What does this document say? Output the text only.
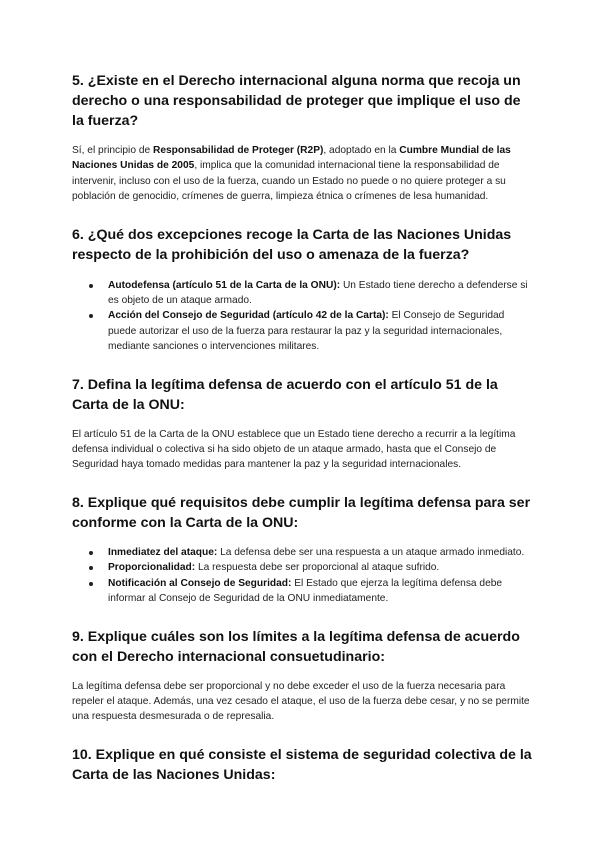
5. ¿Existe en el Derecho internacional alguna norma que recoja un derecho o una responsabilidad de proteger que implique el uso de la fuerza?

Sí, el principio de Responsabilidad de Proteger (R2P), adoptado en la Cumbre Mundial de las Naciones Unidas de 2005, implica que la comunidad internacional tiene la responsabilidad de intervenir, incluso con el uso de la fuerza, cuando un Estado no puede o no quiere proteger a su población de genocidio, crímenes de guerra, limpieza étnica o crímenes de lesa humanidad.

6. ¿Qué dos excepciones recoge la Carta de las Naciones Unidas respecto de la prohibición del uso o amenaza de la fuerza?
Autodefensa (artículo 51 de la Carta de la ONU): Un Estado tiene derecho a defenderse si es objeto de un ataque armado.
Acción del Consejo de Seguridad (artículo 42 de la Carta): El Consejo de Seguridad puede autorizar el uso de la fuerza para restaurar la paz y la seguridad internacionales, mediante sanciones o intervenciones militares.
7. Defina la legítima defensa de acuerdo con el artículo 51 de la Carta de la ONU:

El artículo 51 de la Carta de la ONU establece que un Estado tiene derecho a recurrir a la legítima defensa individual o colectiva si ha sido objeto de un ataque armado, hasta que el Consejo de Seguridad haya tomado medidas para mantener la paz y la seguridad internacionales.

8. Explique qué requisitos debe cumplir la legítima defensa para ser conforme con la Carta de la ONU:
Inmediatez del ataque: La defensa debe ser una respuesta a un ataque armado inmediato.
Proporcionalidad: La respuesta debe ser proporcional al ataque sufrido.
Notificación al Consejo de Seguridad: El Estado que ejerza la legítima defensa debe informar al Consejo de Seguridad de la ONU inmediatamente.
9. Explique cuáles son los límites a la legítima defensa de acuerdo con el Derecho internacional consuetudinario:

La legítima defensa debe ser proporcional y no debe exceder el uso de la fuerza necesaria para repeler el ataque. Además, una vez cesado el ataque, el uso de la fuerza debe cesar, y no se permite una respuesta desmesurada o de represalia.

10. Explique en qué consiste el sistema de seguridad colectiva de la Carta de las Naciones Unidas:
